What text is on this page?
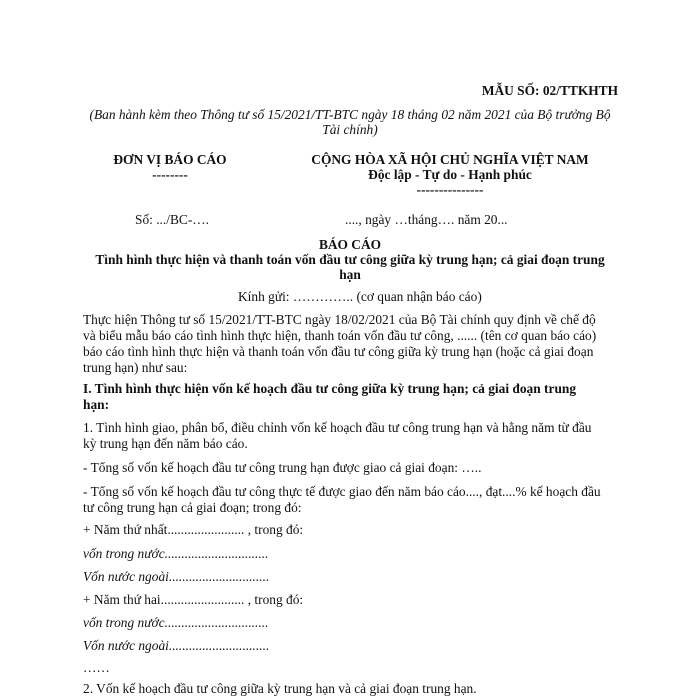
MẪU SỐ: 02/TTKHTH
(Ban hành kèm theo Thông tư số 15/2021/TT-BTC ngày 18 tháng 02 năm 2021 của Bộ trưởng Bộ
Tài chính)
ĐƠN VỊ BÁO CÁO
--------
CỘNG HÒA XÃ HỘI CHỦ NGHĨA VIỆT NAM
Độc lập - Tự do - Hạnh phúc
---------------
Số: .../BC-….	...., ngày …tháng…. năm 20...
BÁO CÁO
Tình hình thực hiện và thanh toán vốn đầu tư công giữa kỳ trung hạn; cả giai đoạn trung
hạn
Kính gửi: ………….. (cơ quan nhận báo cáo)
Thực hiện Thông tư số 15/2021/TT-BTC ngày 18/02/2021 của Bộ Tài chính quy định về chế độ
và biểu mẫu báo cáo tình hình thực hiện, thanh toán vốn đầu tư công, ...... (tên cơ quan báo cáo)
báo cáo tình hình thực hiện và thanh toán vốn đầu tư công giữa kỳ trung hạn (hoặc cả giai đoạn
trung hạn) như sau:
I. Tình hình thực hiện vốn kế hoạch đầu tư công giữa kỳ trung hạn; cả giai đoạn trung
hạn:
1. Tình hình giao, phân bổ, điều chỉnh vốn kế hoạch đầu tư công trung hạn và hằng năm từ đầu
kỳ trung hạn đến năm báo cáo.
- Tổng số vốn kế hoạch đầu tư công trung hạn được giao cả giai đoạn: …..
- Tổng số vốn kế hoạch đầu tư công thực tế được giao đến năm báo cáo...., đạt....% kế hoạch đầu
tư công trung hạn cả giai đoạn; trong đó:
+ Năm thứ nhất....................... , trong đó:
vốn trong nước...............................
Vốn nước ngoài..............................
+ Năm thứ hai......................... , trong đó:
vốn trong nước...............................
Vốn nước ngoài..............................
……
2. Vốn kế hoạch đầu tư công giữa kỳ trung hạn và cả giai đoạn trung hạn.
